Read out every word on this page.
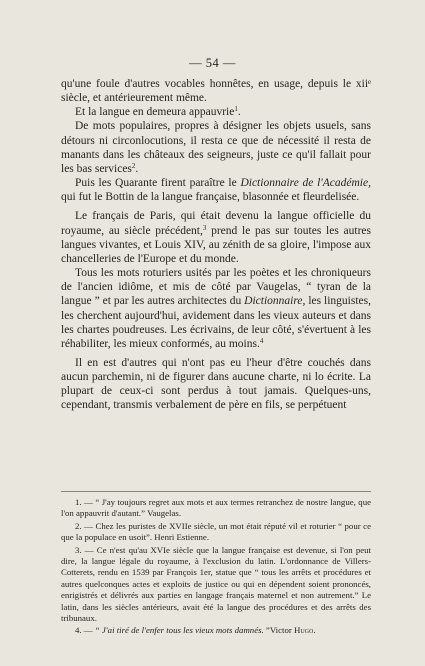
— 54 —

qu'une foule d'autres vocables honnêtes, en usage, depuis le xiiᵉ siècle, et antérieurement même.

Et la langue en demeura appauvrie$^1$.

De mots populaires, propres à désigner les objets usuels, sans détours ni circonlocutions, il resta ce que de nécessité il resta de manants dans les châteaux des seigneurs, juste ce qu'il fallait pour les bas services$^2$.

Puis les Quarante firent paraître le Dictionnaire de l'Académie, qui fut le Bottin de la langue française, blasonnée et fleurdelisée.

Le français de Paris, qui était devenu la langue officielle du royaume, au siècle précédent,$^3$ prend le pas sur toutes les autres langues vivantes, et Louis XIV, au zénith de sa gloire, l'impose aux chancelleries de l'Europe et du monde.

Tous les mots roturiers usités par les poètes et les chroniqueurs de l'ancien idiôme, et mis de côté par Vaugelas, “ tyran de la langue ” et par les autres architectes du Dictionnaire, les linguistes, les cherchent aujourd'hui, avidement dans les vieux auteurs et dans les chartes poudreuses. Les écrivains, de leur côté, s'évertuent à les réhabiliter, les mieux conformés, au moins.$^4$

Il en est d'autres qui n'ont pas eu l'heur d'être couchés dans aucun parchemin, ni de figurer dans aucune charte, ni lo écrite. La plupart de ceux-ci sont perdus à tout jamais. Quelques-uns, cependant, transmis verbalement de père en fils, se perpétuent

1. — “ J'ay toujours regret aux mots et aux termes retranchez de nostre langue, que l'on appauvrit d'autant.” Vaugelas.

2. — Chez les puristes de XVIIe siècle, un mot était réputé vil et roturier “ pour ce que la populace en usoit”. Henri Estienne.

3. — Ce n'est qu'au XVIe siècle que la langue française est devenue, si l'on peut dire, la langue légale du royaume, à l'exclusion du latin. L'ordonnance de Villers-Cotterets, rendu en 1539 par François 1er, statue que “ tous les arrêts et procédures et autres quelconques actes et exploits de justice ou qui en dépendent soient prononcés, enrigistrés et délivrés aux parties en langage français maternel et non autrement.” Le latin, dans les siècles antérieurs, avait été la langue des procédures et des arrêts des tribunaux.

4. — “ J'ai tiré de l'enfer tous les vieux mots damnés. ”Victor Hugo.
